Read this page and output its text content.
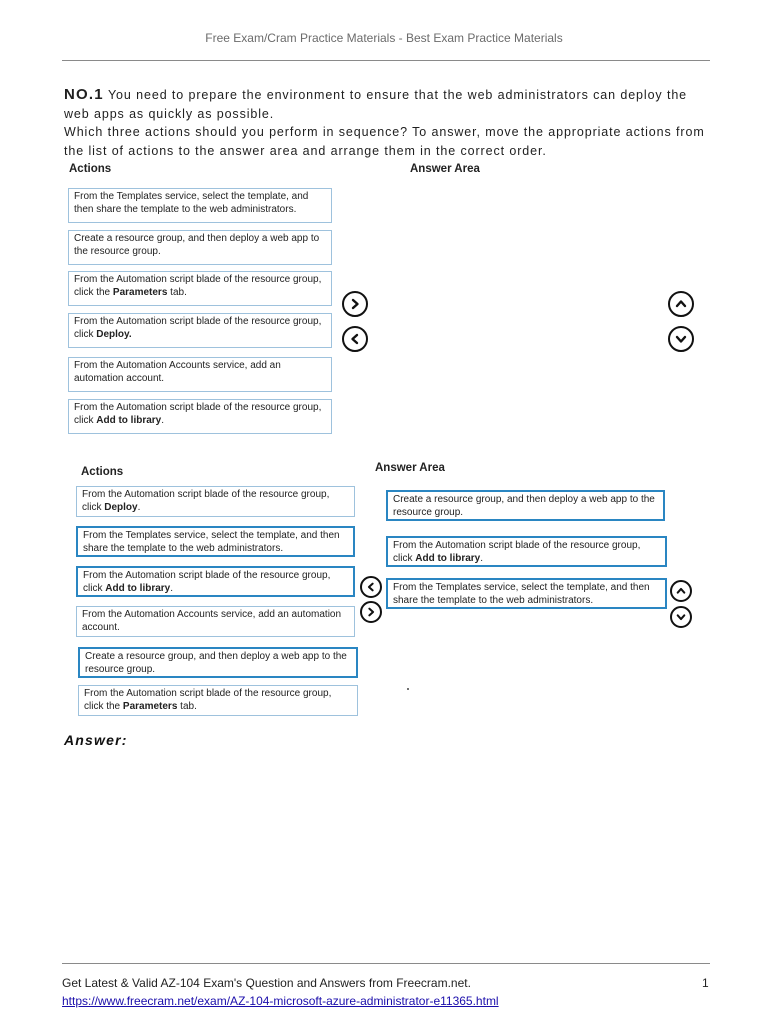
Free Exam/Cram Practice Materials - Best Exam Practice Materials
NO.1 You need to prepare the environment to ensure that the web administrators can deploy the web apps as quickly as possible.
Which three actions should you perform in sequence? To answer, move the appropriate actions from the list of actions to the answer area and arrange them in the correct order.
Actions	Answer Area
From the Templates service, select the template, and then share the template to the web administrators.
Create a resource group, and then deploy a web app to the resource group.
From the Automation script blade of the resource group, click the Parameters tab.
From the Automation script blade of the resource group, click Deploy.
From the Automation Accounts service, add an automation account.
From the Automation script blade of the resource group, click Add to library.
Actions	Answer Area
From the Automation script blade of the resource group, click Deploy.
From the Templates service, select the template, and then share the template to the web administrators.
From the Automation script blade of the resource group, click Add to library.
From the Automation Accounts service, add an automation account.
Create a resource group, and then deploy a web app to the resource group.
From the Automation script blade of the resource group, click the Parameters tab.
Create a resource group, and then deploy a web app to the resource group.
From the Automation script blade of the resource group, click Add to library.
From the Templates service, select the template, and then share the template to the web administrators.
Answer:
Get Latest & Valid AZ-104 Exam's Question and Answers from Freecram.net.	1
https://www.freecram.net/exam/AZ-104-microsoft-azure-administrator-e11365.html
